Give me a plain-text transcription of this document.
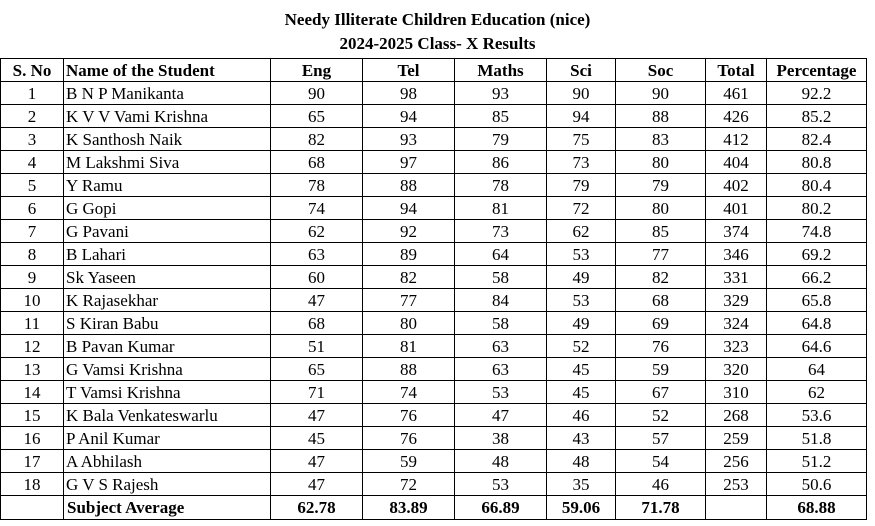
Needy Illiterate Children Education (nice)
2024-2025 Class- X Results
S. No	Name of the Student	Eng	Tel	Maths	Sci	Soc	Total	Percentage
1	B N P Manikanta	90	98	93	90	90	461	92.2
2	K V V Vami Krishna	65	94	85	94	88	426	85.2
3	K Santhosh Naik	82	93	79	75	83	412	82.4
4	M Lakshmi Siva	68	97	86	73	80	404	80.8
5	Y Ramu	78	88	78	79	79	402	80.4
6	G Gopi	74	94	81	72	80	401	80.2
7	G Pavani	62	92	73	62	85	374	74.8
8	B Lahari	63	89	64	53	77	346	69.2
9	Sk Yaseen	60	82	58	49	82	331	66.2
10	K Rajasekhar	47	77	84	53	68	329	65.8
11	S Kiran Babu	68	80	58	49	69	324	64.8
12	B Pavan Kumar	51	81	63	52	76	323	64.6
13	G Vamsi Krishna	65	88	63	45	59	320	64
14	T Vamsi Krishna	71	74	53	45	67	310	62
15	K Bala Venkateswarlu	47	76	47	46	52	268	53.6
16	P Anil Kumar	45	76	38	43	57	259	51.8
17	A Abhilash	47	59	48	48	54	256	51.2
18	G V S Rajesh	47	72	53	35	46	253	50.6
	Subject Average	62.78	83.89	66.89	59.06	71.78		68.88
